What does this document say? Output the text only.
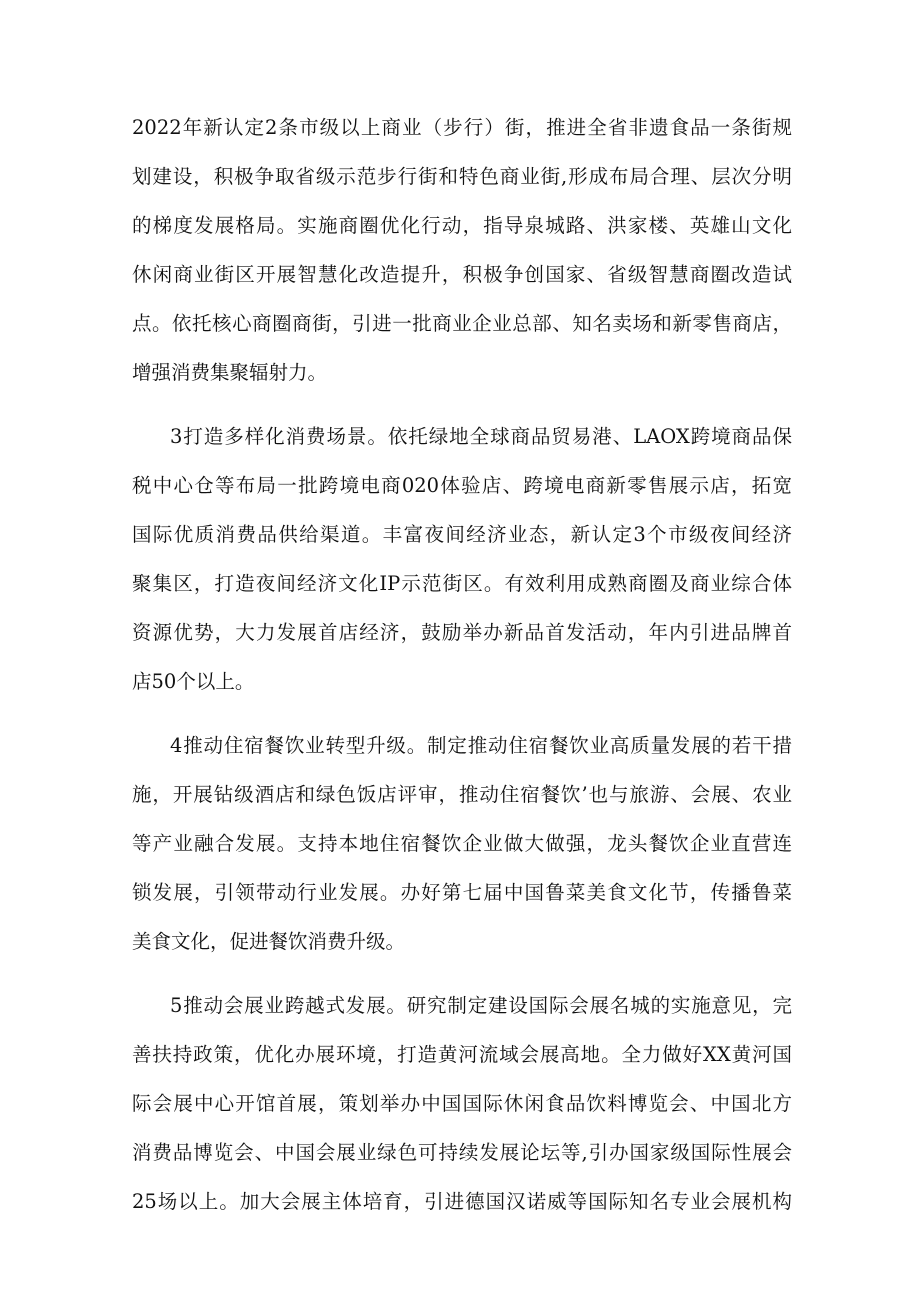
2022年新认定2条市级以上商业（步行）街，推进全省非遗食品一条街规
划建设，积极争取省级示范步行街和特色商业街,形成布局合理、层次分明
的梯度发展格局。实施商圈优化行动，指导泉城路、洪家楼、英雄山文化
休闲商业街区开展智慧化改造提升，积极争创国家、省级智慧商圈改造试
点。依托核心商圈商街，引进一批商业企业总部、知名卖场和新零售商店，
增强消费集聚辐射力。
3打造多样化消费场景。依托绿地全球商品贸易港、LAOX跨境商品保
税中心仓等布局一批跨境电商020体验店、跨境电商新零售展示店，拓宽
国际优质消费品供给渠道。丰富夜间经济业态，新认定3个市级夜间经济
聚集区，打造夜间经济文化IP示范街区。有效利用成熟商圈及商业综合体
资源优势，大力发展首店经济，鼓励举办新品首发活动，年内引进品牌首
店50个以上。
4推动住宿餐饮业转型升级。制定推动住宿餐饮业高质量发展的若干措
施，开展钻级酒店和绿色饭店评审，推动住宿餐饮’也与旅游、会展、农业
等产业融合发展。支持本地住宿餐饮企业做大做强，龙头餐饮企业直营连
锁发展，引领带动行业发展。办好第七届中国鲁菜美食文化节，传播鲁菜
美食文化，促进餐饮消费升级。
5推动会展业跨越式发展。研究制定建设国际会展名城的实施意见，完
善扶持政策，优化办展环境，打造黄河流域会展高地。全力做好XX黄河国
际会展中心开馆首展，策划举办中国国际休闲食品饮料博览会、中国北方
消费品博览会、中国会展业绿色可持续发展论坛等,引办国家级国际性展会
25场以上。加大会展主体培育，引进德国汉诺威等国际知名专业会展机构
